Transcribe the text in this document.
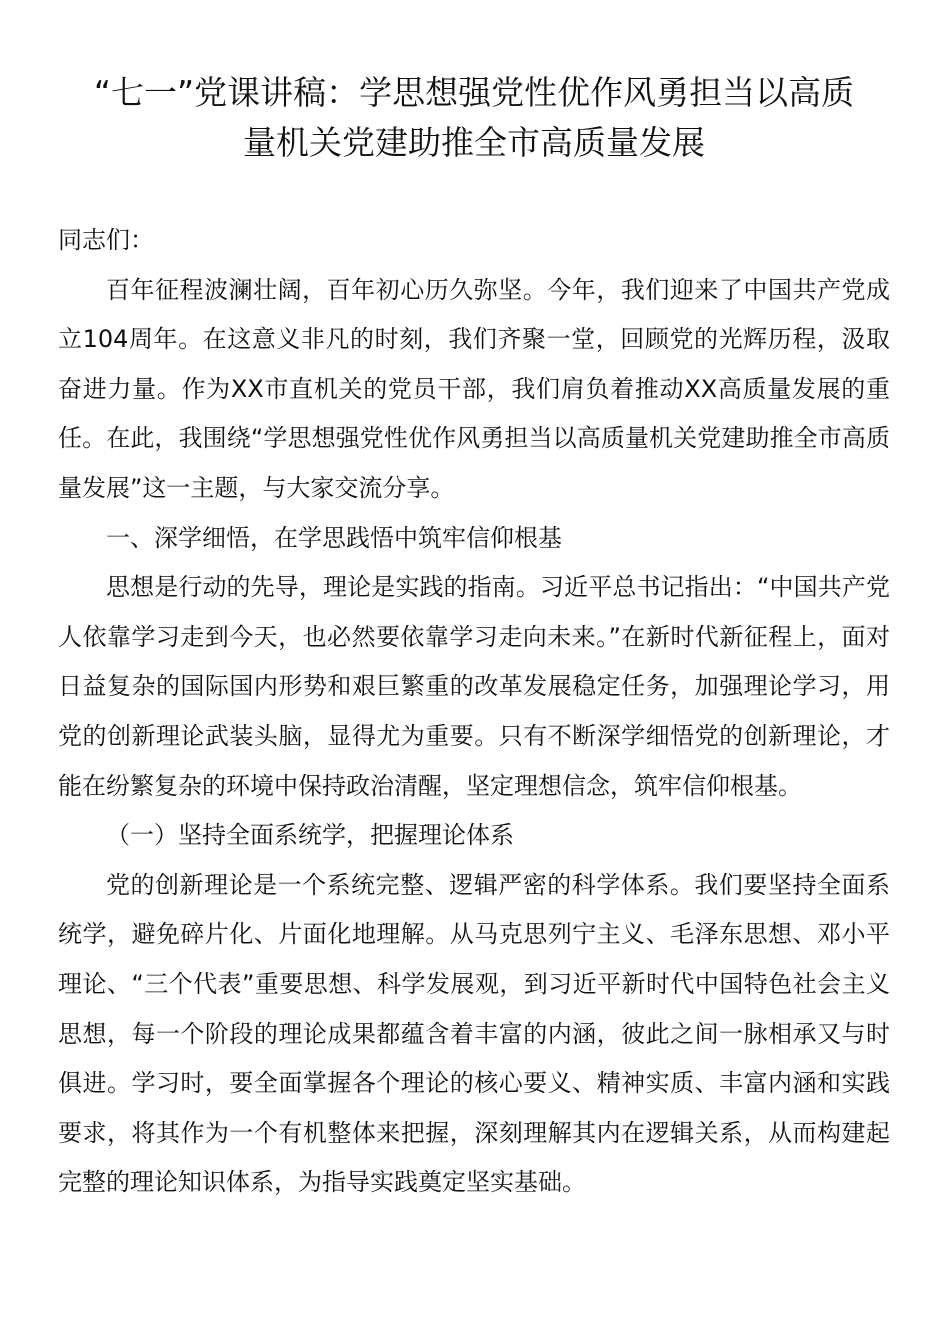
“七一”党课讲稿：学思想强党性优作风勇担当以高质
量机关党建助推全市高质量发展

同志们：

百年征程波澜壮阔，百年初心历久弥坚。今年，我们迎来了中国共产党成立104周年。在这意义非凡的时刻，我们齐聚一堂，回顾党的光辉历程，汲取奋进力量。作为XX市直机关的党员干部，我们肩负着推动XX高质量发展的重任。在此，我围绕“学思想强党性优作风勇担当以高质量机关党建助推全市高质量发展”这一主题，与大家交流分享。

一、深学细悟，在学思践悟中筑牢信仰根基

思想是行动的先导，理论是实践的指南。习近平总书记指出：“中国共产党人依靠学习走到今天，也必然要依靠学习走向未来。”在新时代新征程上，面对日益复杂的国际国内形势和艰巨繁重的改革发展稳定任务，加强理论学习，用党的创新理论武装头脑，显得尤为重要。只有不断深学细悟党的创新理论，才能在纷繁复杂的环境中保持政治清醒，坚定理想信念，筑牢信仰根基。

（一）坚持全面系统学，把握理论体系

党的创新理论是一个系统完整、逻辑严密的科学体系。我们要坚持全面系统学，避免碎片化、片面化地理解。从马克思列宁主义、毛泽东思想、邓小平理论、“三个代表”重要思想、科学发展观，到习近平新时代中国特色社会主义思想，每一个阶段的理论成果都蕴含着丰富的内涵，彼此之间一脉相承又与时俱进。学习时，要全面掌握各个理论的核心要义、精神实质、丰富内涵和实践要求，将其作为一个有机整体来把握，深刻理解其内在逻辑关系，从而构建起完整的理论知识体系，为指导实践奠定坚实基础。
